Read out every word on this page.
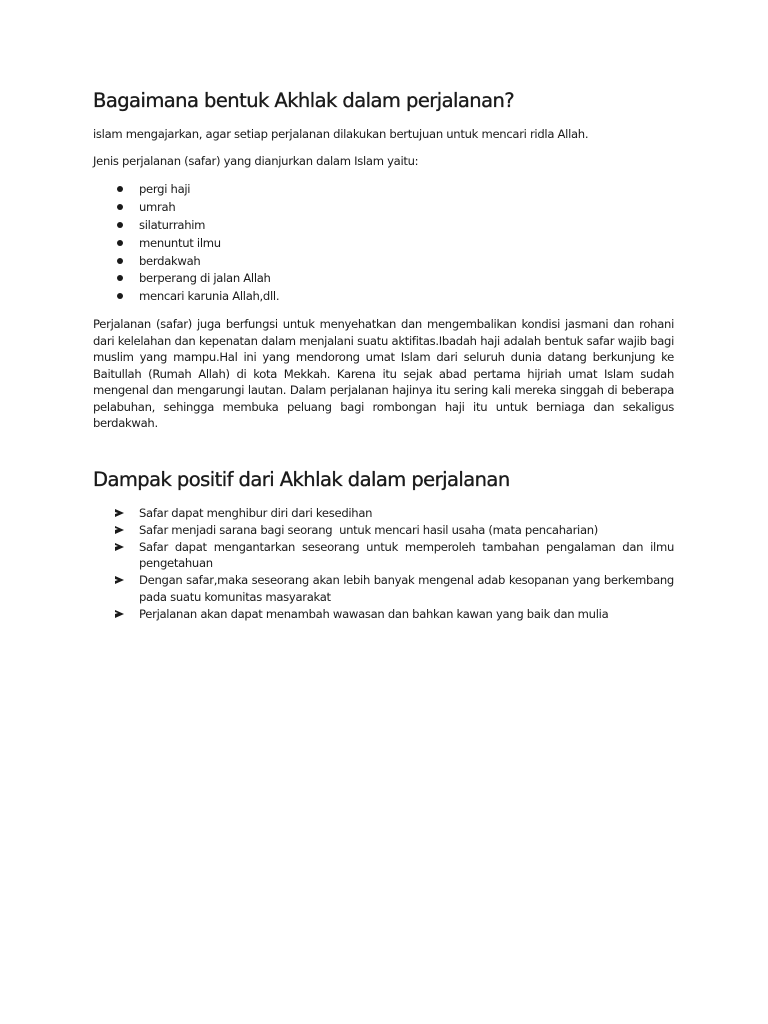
Bagaimana bentuk Akhlak dalam perjalanan?

islam mengajarkan, agar setiap perjalanan dilakukan bertujuan untuk mencari ridla Allah.

Jenis perjalanan (safar) yang dianjurkan dalam Islam yaitu:

pergi haji
umrah
silaturrahim
menuntut ilmu
berdakwah
berperang di jalan Allah
mencari karunia Allah,dll.

Perjalanan (safar) juga berfungsi untuk menyehatkan dan mengembalikan kondisi jasmani dan rohani dari kelelahan dan kepenatan dalam menjalani suatu aktifitas.Ibadah haji adalah bentuk safar wajib bagi muslim yang mampu.Hal ini yang mendorong umat Islam dari seluruh dunia datang berkunjung ke Baitullah (Rumah Allah) di kota Mekkah. Karena itu sejak abad pertama hijriah umat Islam sudah mengenal dan mengarungi lautan. Dalam perjalanan hajinya itu sering kali mereka singgah di beberapa pelabuhan, sehingga membuka peluang bagi rombongan haji itu untuk berniaga dan sekaligus berdakwah.

Dampak positif dari Akhlak dalam perjalanan
Safar dapat menghibur diri dari kesedihan
Safar menjadi sarana bagi seorang  untuk mencari hasil usaha (mata pencaharian)
Safar dapat mengantarkan seseorang untuk memperoleh tambahan pengalaman dan ilmu pengetahuan
Dengan safar,maka seseorang akan lebih banyak mengenal adab kesopanan yang berkembang pada suatu komunitas masyarakat
Perjalanan akan dapat menambah wawasan dan bahkan kawan yang baik dan mulia
